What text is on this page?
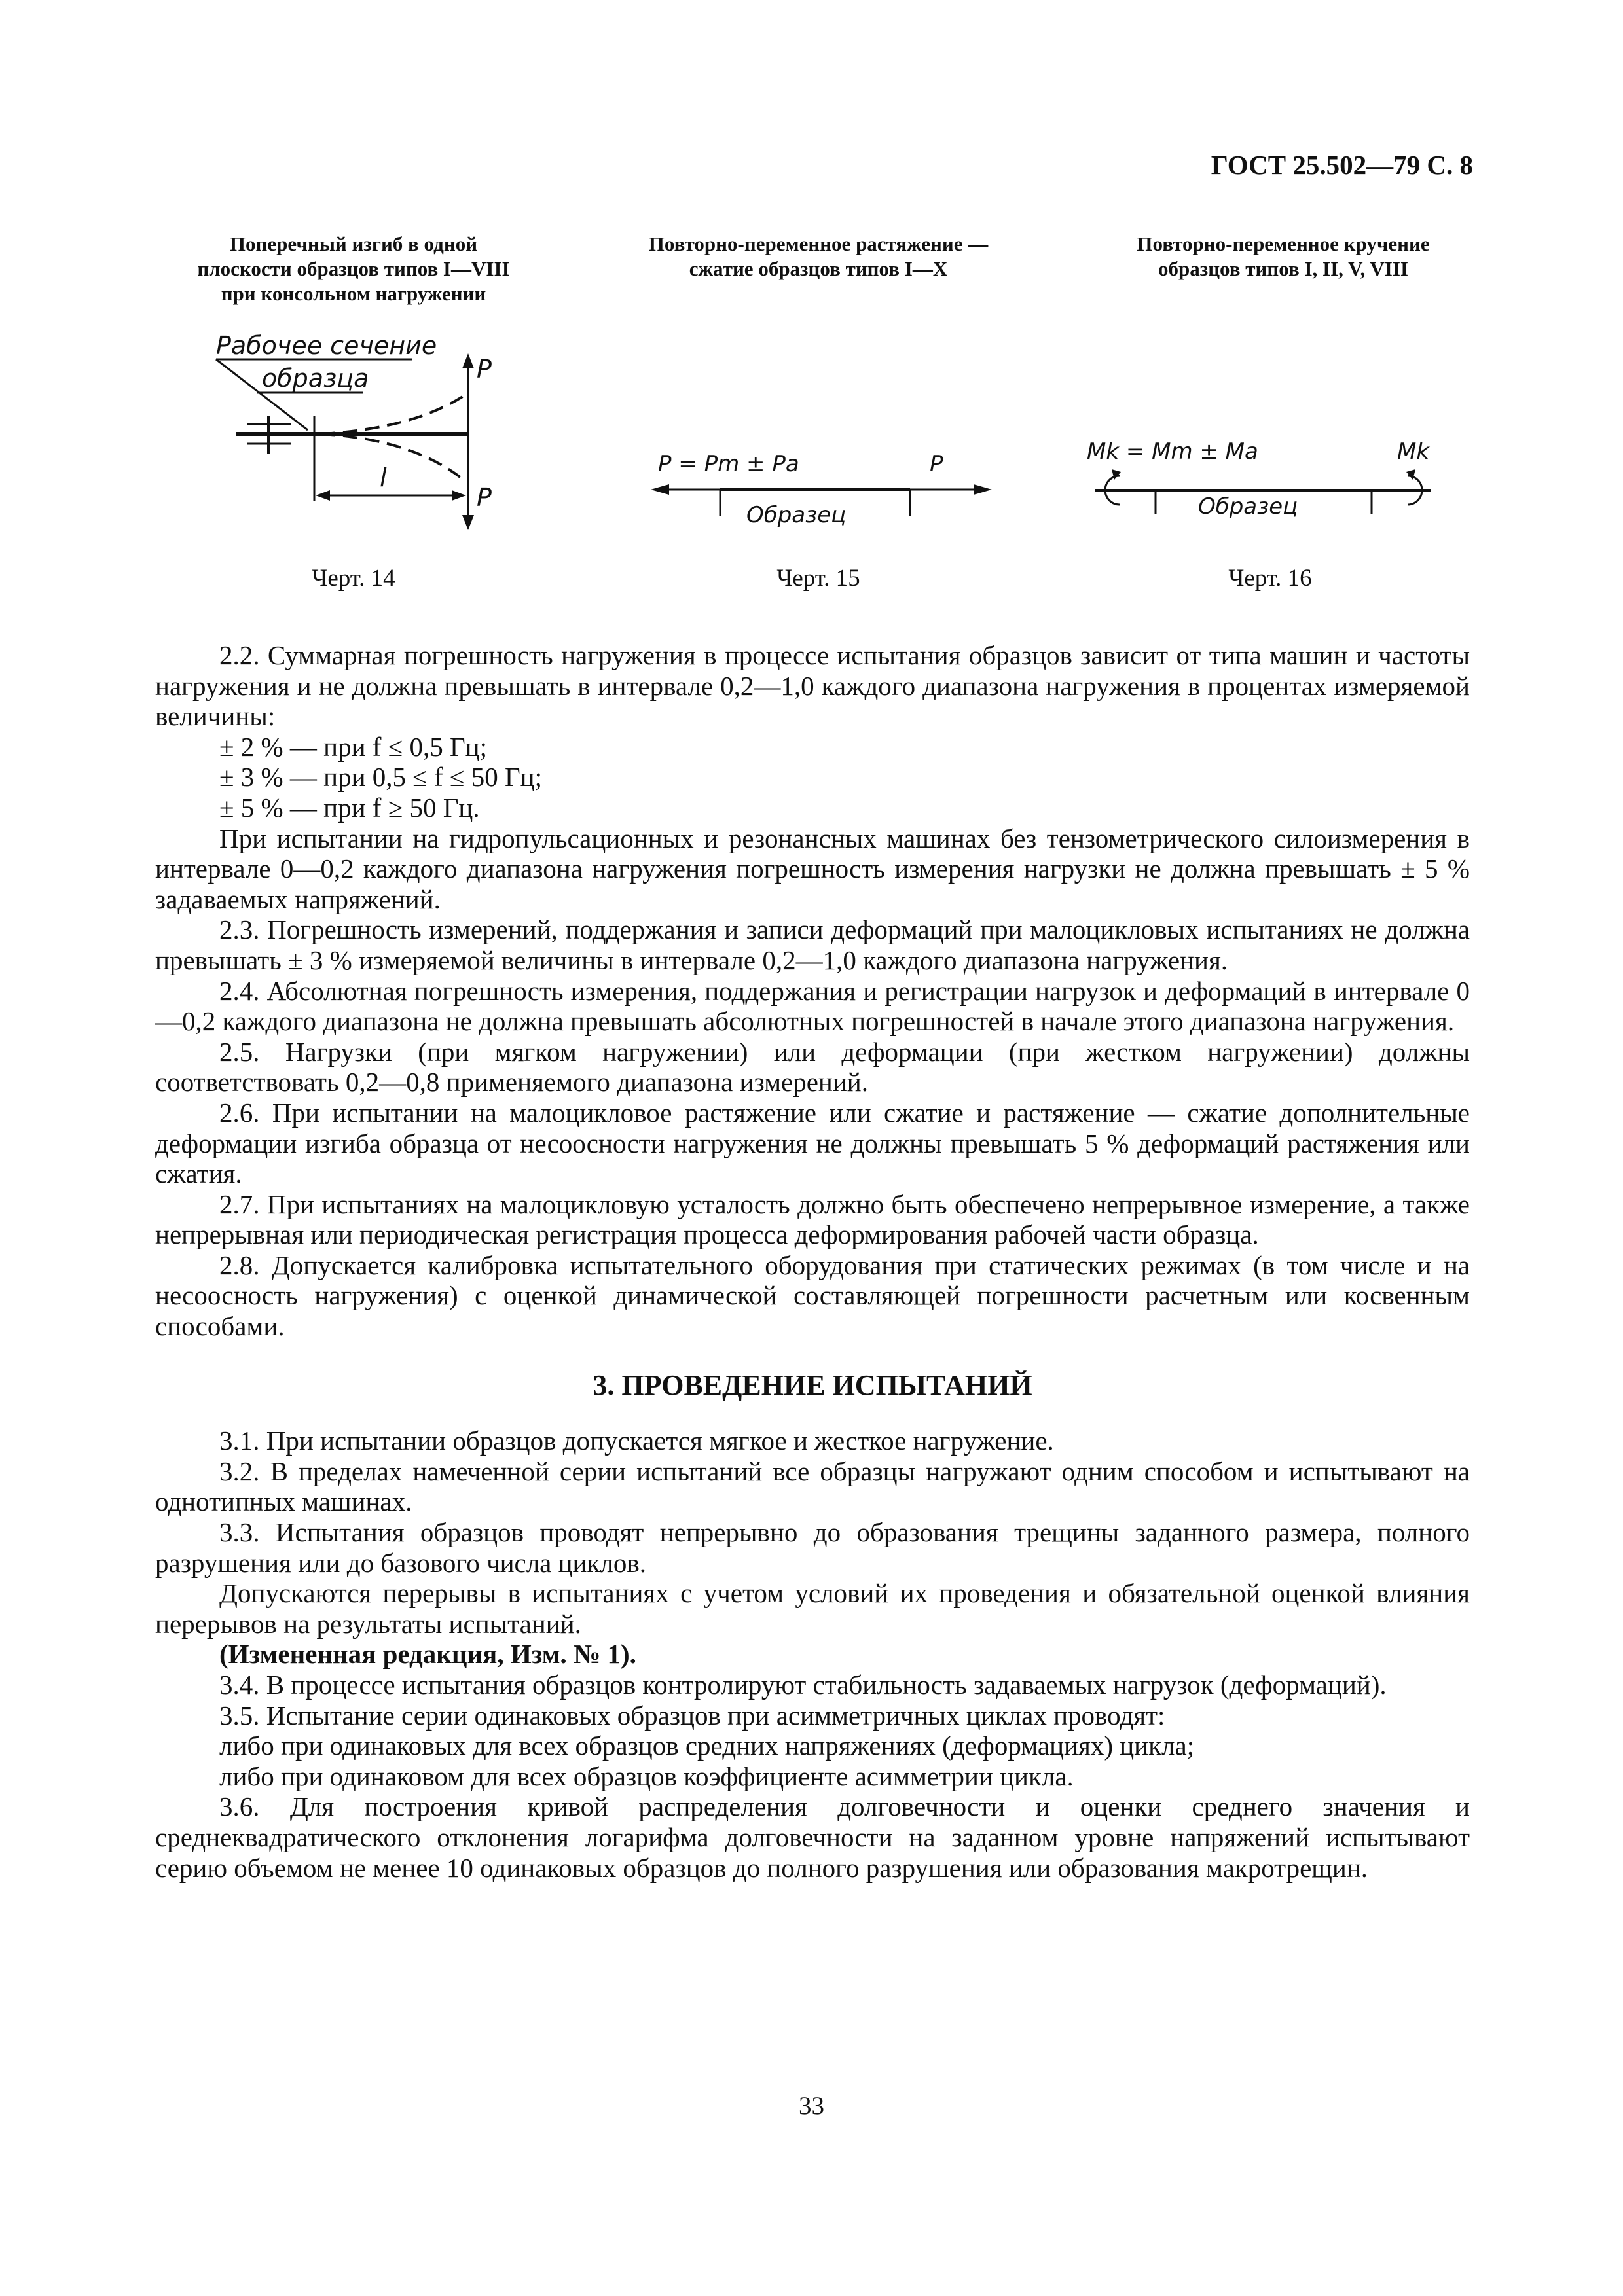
ГОСТ 25.502—79 С. 8

Поперечный изгиб в одной
плоскости образцов типов I—VIII
при консольном нагружении
Рабочее сечение
образца	P
P
l

Черт. 14

Повторно-переменное растяжение —
сжатие образцов типов I—X
P = Pm ± Pa	P
Образец

Черт. 15

Повторно-переменное кручение
образцов типов I, II, V, VIII
Mk = Mm ± Ma	Mk
Образец

Черт. 16

2.2. Суммарная погрешность нагружения в процессе испытания образцов зависит от типа машин и частоты нагружения и не должна превышать в интервале 0,2—1,0 каждого диапазона нагружения в процентах измеряемой величины:

± 2 % — при f ≤ 0,5 Гц;

± 3 % — при 0,5 ≤ f ≤ 50 Гц;

± 5 % — при f ≥ 50 Гц.

При испытании на гидропульсационных и резонансных машинах без тензометрического силоизмерения в интервале 0—0,2 каждого диапазона нагружения погрешность измерения нагрузки не должна превышать ± 5 % задаваемых напряжений.

2.3. Погрешность измерений, поддержания и записи деформаций при малоцикловых испытаниях не должна превышать ± 3 % измеряемой величины в интервале 0,2—1,0 каждого диапазона нагружения.

2.4. Абсолютная погрешность измерения, поддержания и регистрации нагрузок и деформаций в интервале 0—0,2 каждого диапазона не должна превышать абсолютных погрешностей в начале этого диапазона нагружения.

2.5. Нагрузки (при мягком нагружении) или деформации (при жестком нагружении) должны соответствовать 0,2—0,8 применяемого диапазона измерений.

2.6. При испытании на малоцикловое растяжение или сжатие и растяжение — сжатие дополнительные деформации изгиба образца от несоосности нагружения не должны превышать 5 % деформаций растяжения или сжатия.

2.7. При испытаниях на малоцикловую усталость должно быть обеспечено непрерывное измерение, а также непрерывная или периодическая регистрация процесса деформирования рабочей части образца.

2.8. Допускается калибровка испытательного оборудования при статических режимах (в том числе и на несоосность нагружения) с оценкой динамической составляющей погрешности расчетным или косвенным способами.

3. ПРОВЕДЕНИЕ ИСПЫТАНИЙ

3.1. При испытании образцов допускается мягкое и жесткое нагружение.

3.2. В пределах намеченной серии испытаний все образцы нагружают одним способом и испытывают на однотипных машинах.

3.3. Испытания образцов проводят непрерывно до образования трещины заданного размера, полного разрушения или до базового числа циклов.

Допускаются перерывы в испытаниях с учетом условий их проведения и обязательной оценкой влияния перерывов на результаты испытаний.

(Измененная редакция, Изм. № 1).

3.4. В процессе испытания образцов контролируют стабильность задаваемых нагрузок (деформаций).

3.5. Испытание серии одинаковых образцов при асимметричных циклах проводят:

либо при одинаковых для всех образцов средних напряжениях (деформациях) цикла;

либо при одинаковом для всех образцов коэффициенте асимметрии цикла.

3.6. Для построения кривой распределения долговечности и оценки среднего значения и среднеквадратического отклонения логарифма долговечности на заданном уровне напряжений испытывают серию объемом не менее 10 одинаковых образцов до полного разрушения или образования макротрещин.

33
